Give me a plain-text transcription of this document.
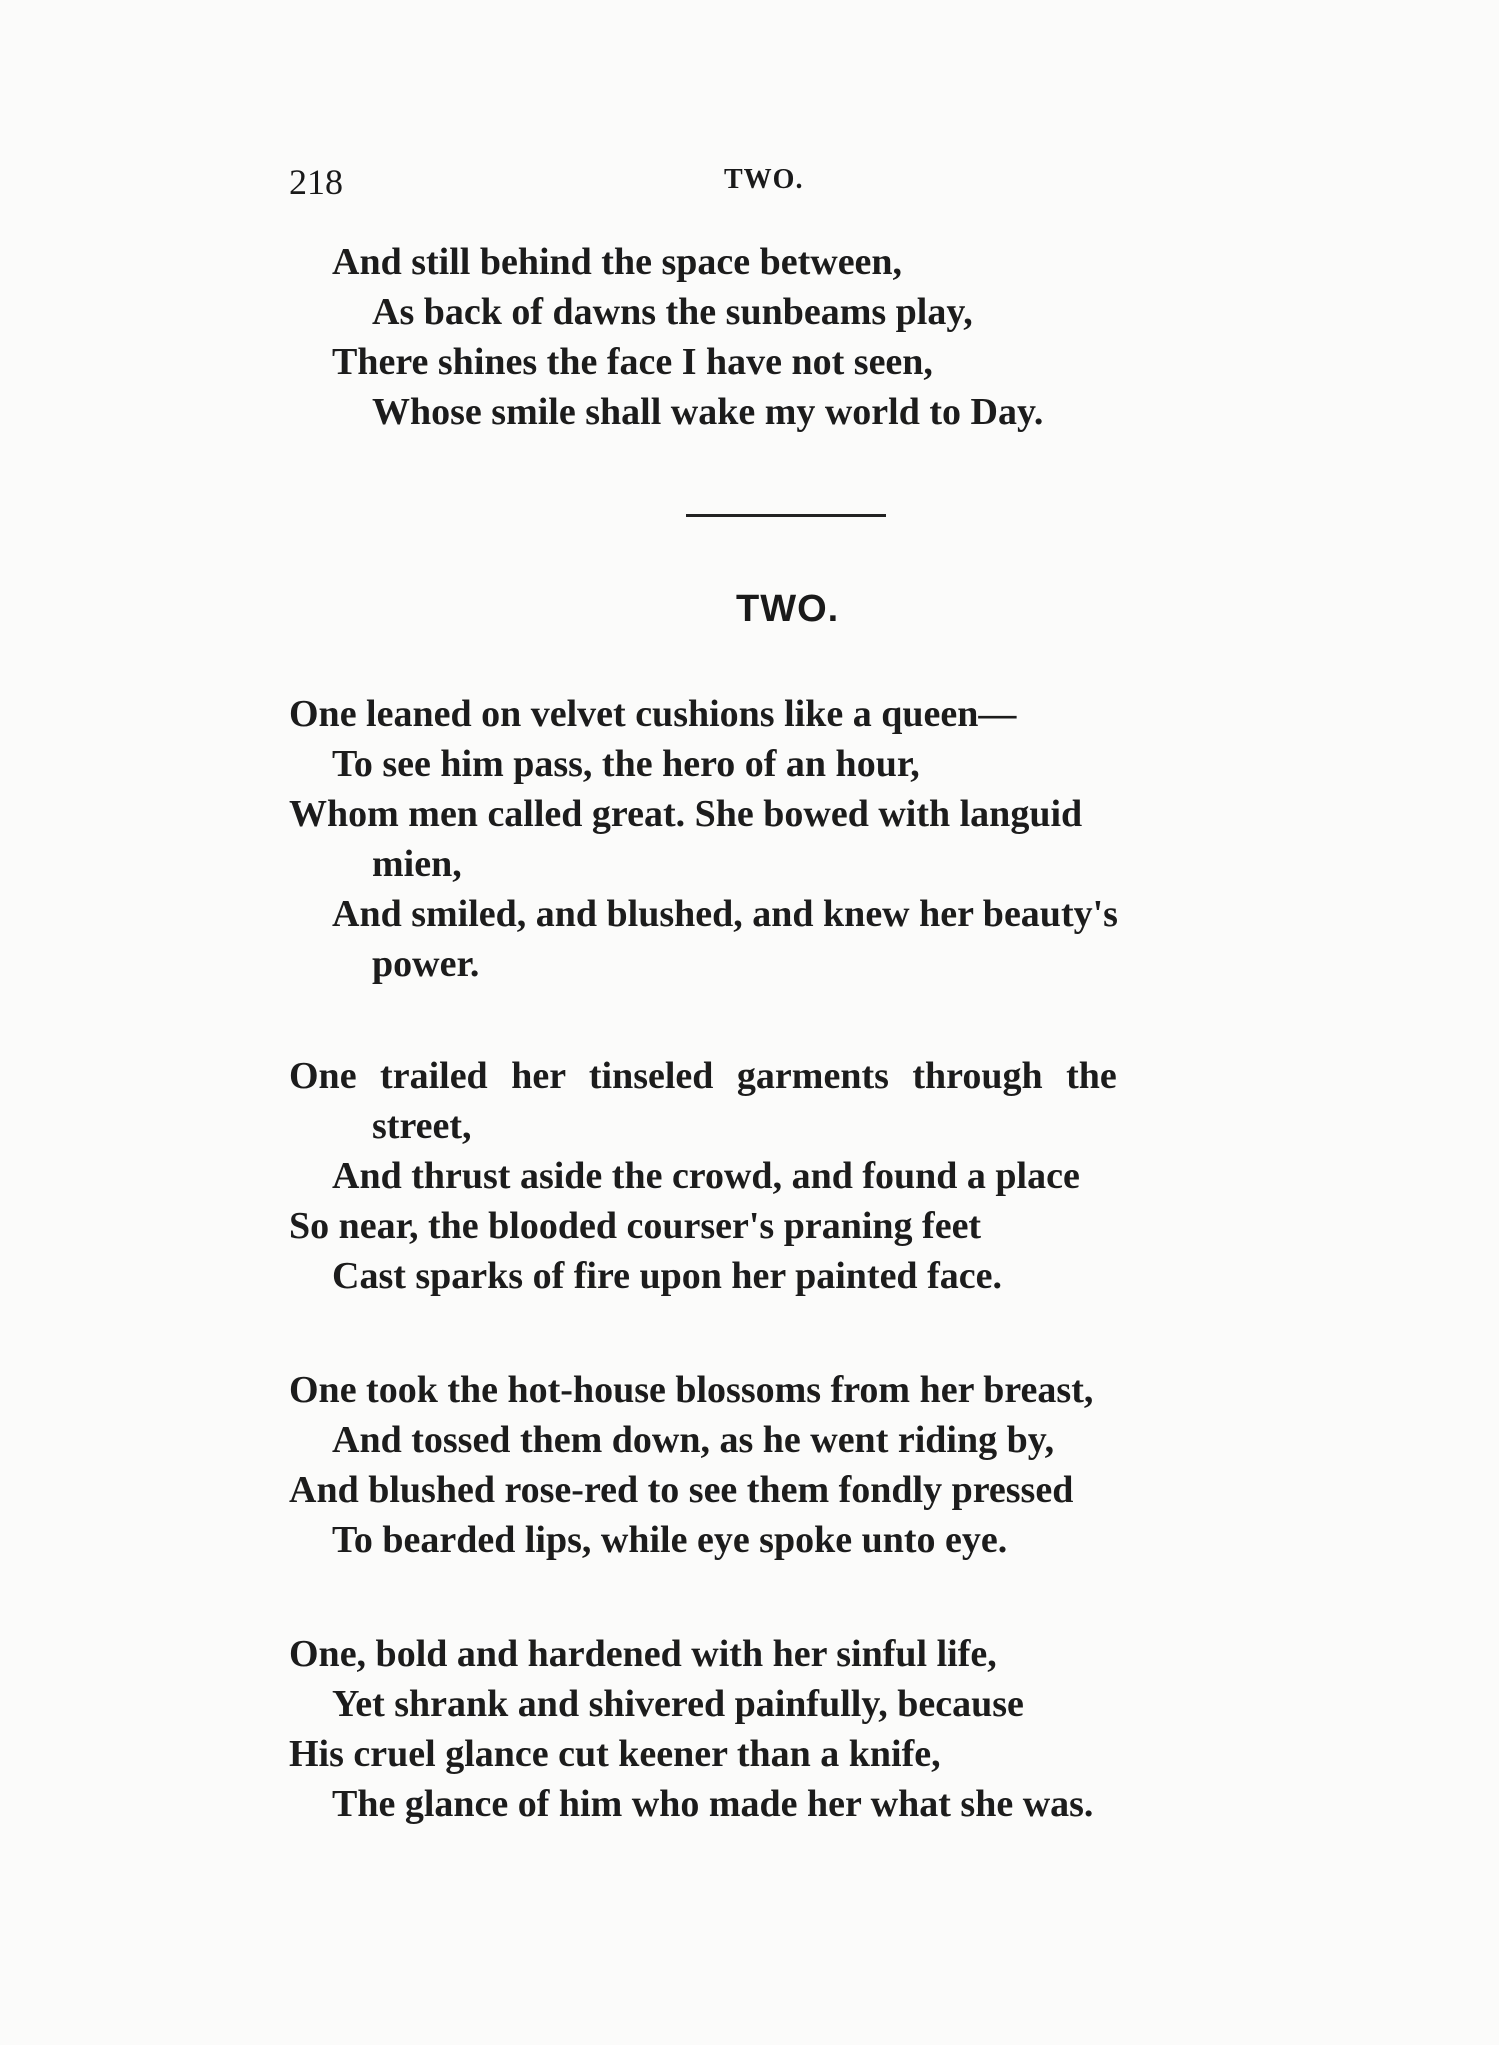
218	TWO.
And still behind the space between,
As back of dawns the sunbeams play,
There shines the face I have not seen,
Whose smile shall wake my world to Day.
TWO.
One leaned on velvet cushions like a queen—
To see him pass, the hero of an hour,
Whom men called great. She bowed with languid
mien,
And smiled, and blushed, and knew her beauty's
power.
One trailed her tinseled garments through the
street,
And thrust aside the crowd, and found a place
So near, the blooded courser's praning feet
Cast sparks of fire upon her painted face.
One took the hot-house blossoms from her breast,
And tossed them down, as he went riding by,
And blushed rose-red to see them fondly pressed
To bearded lips, while eye spoke unto eye.
One, bold and hardened with her sinful life,
Yet shrank and shivered painfully, because
His cruel glance cut keener than a knife,
The glance of him who made her what she was.
